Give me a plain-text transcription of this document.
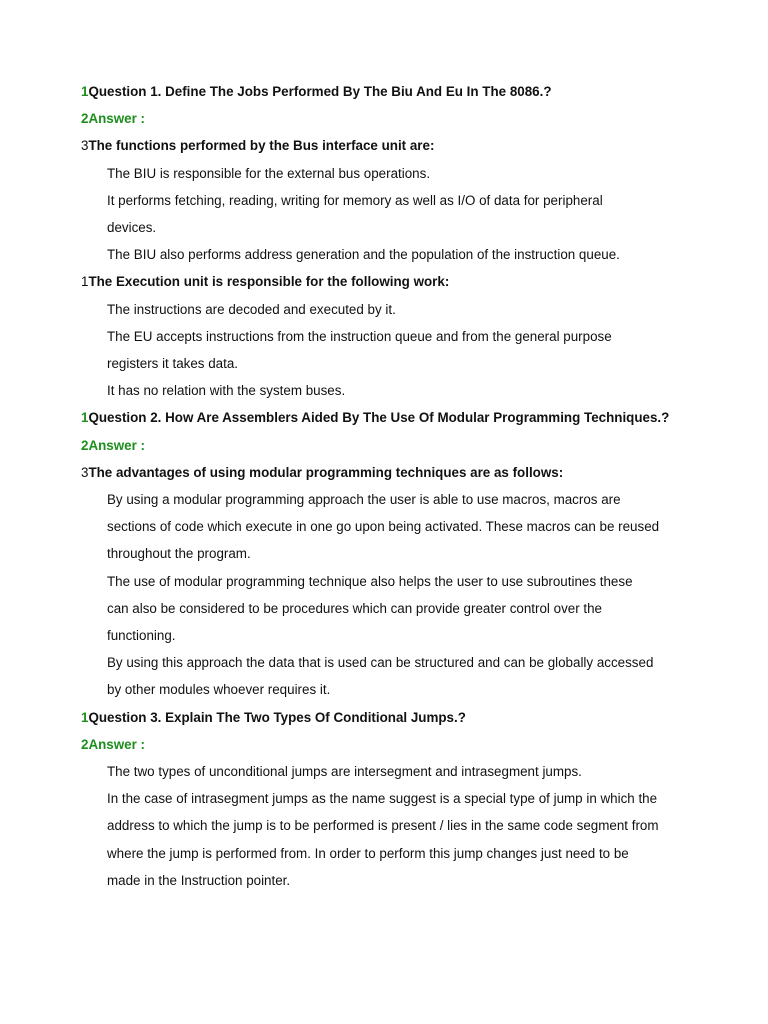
1Question 1. Define The Jobs Performed By The Biu And Eu In The 8086.?
2Answer :
3The functions performed by the Bus interface unit are:
The BIU is responsible for the external bus operations.
It performs fetching, reading, writing for memory as well as I/O of data for peripheral
devices.
The BIU also performs address generation and the population of the instruction queue.
1The Execution unit is responsible for the following work:
The instructions are decoded and executed by it.
The EU accepts instructions from the instruction queue and from the general purpose
registers it takes data.
It has no relation with the system buses.
1Question 2. How Are Assemblers Aided By The Use Of Modular Programming Techniques.?
2Answer :
3The advantages of using modular programming techniques are as follows:
By using a modular programming approach the user is able to use macros, macros are
sections of code which execute in one go upon being activated. These macros can be reused
throughout the program.
The use of modular programming technique also helps the user to use subroutines these
can also be considered to be procedures which can provide greater control over the
functioning.
By using this approach the data that is used can be structured and can be globally accessed
by other modules whoever requires it.
1Question 3. Explain The Two Types Of Conditional Jumps.?
2Answer :
The two types of unconditional jumps are intersegment and intrasegment jumps.
In the case of intrasegment jumps as the name suggest is a special type of jump in which the
address to which the jump is to be performed is present / lies in the same code segment from
where the jump is performed from. In order to perform this jump changes just need to be
made in the Instruction pointer.
